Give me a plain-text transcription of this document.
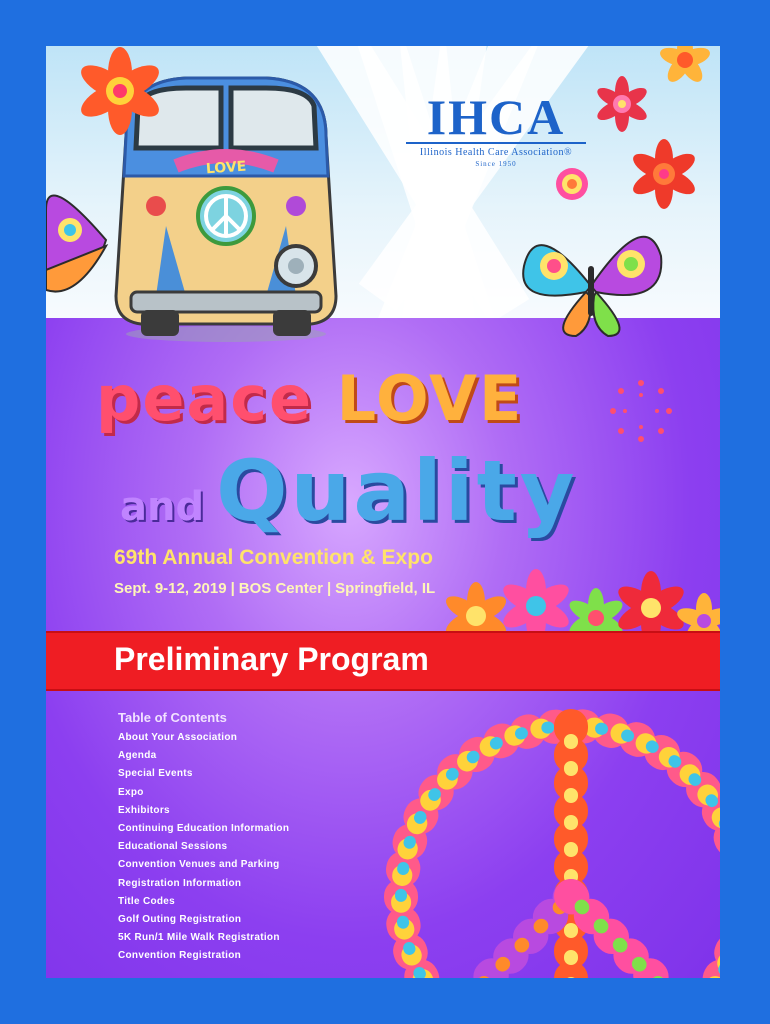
LOVE
IHCA
Illinois Health Care Association®
Since 1950
peace LOVE
and Quality
69th Annual Convention & Expo
Sept. 9-12, 2019 | BOS Center | Springfield, IL
Preliminary Program
Table of Contents
About Your Association
Agenda
Special Events
Expo
Exhibitors
Continuing Education Information
Educational Sessions
Convention Venues and Parking
Registration Information
Title Codes
Golf Outing Registration
5K Run/1 Mile Walk Registration
Convention Registration
